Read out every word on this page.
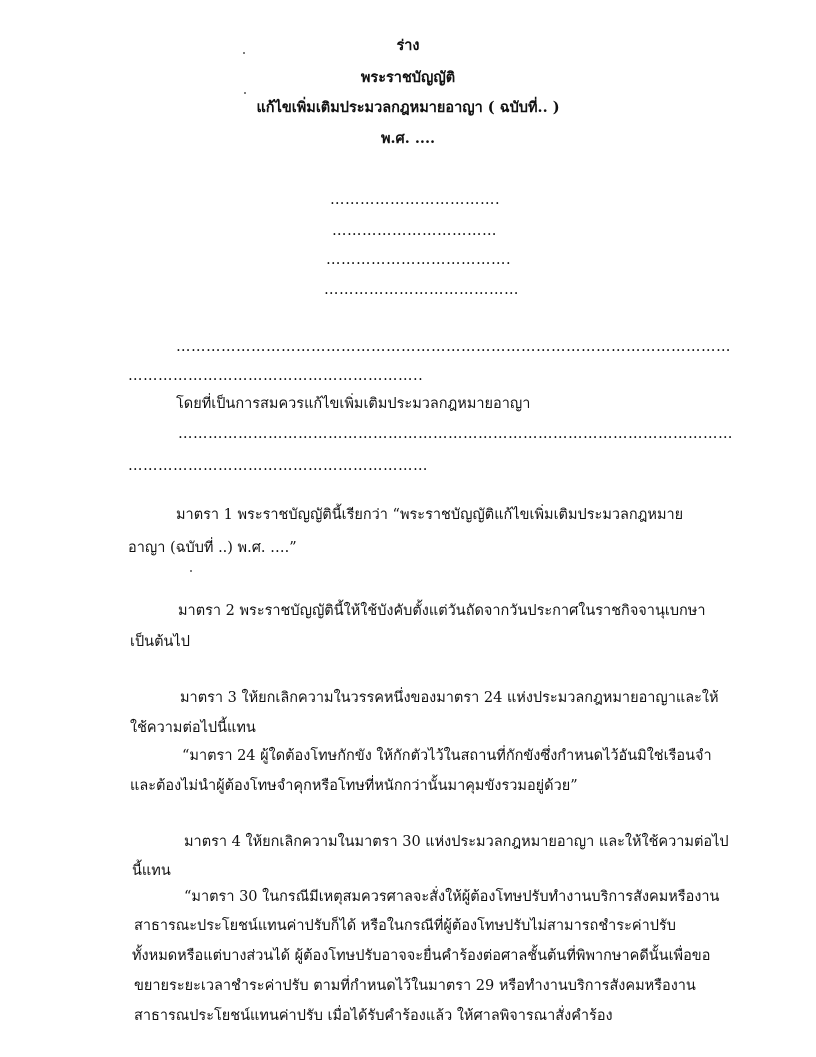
ร่าง
พระราชบัญญัติ
แก้ไขเพิ่มเติมประมวลกฎหมายอาญา ( ฉบับที่.. )
พ.ศ. ....
…………………………….
……………………………
……………………………….
…………………………………
…………………………………………………………………………………………………
…………………………………………………..
โดยที่เป็นการสมควรแก้ไขเพิ่มเติมประมวลกฎหมายอาญา
…………………………………………………………………………………………………
……………………………………………………
มาตรา 1 พระราชบัญญัตินี้เรียกว่า “พระราชบัญญัติแก้ไขเพิ่มเติมประมวลกฎหมาย
อาญา (ฉบับที่ ..) พ.ศ. ….”
มาตรา 2 พระราชบัญญัตินี้ให้ใช้บังคับตั้งแต่วันถัดจากวันประกาศในราชกิจจานุเบกษา
เป็นต้นไป
มาตรา 3 ให้ยกเลิกความในวรรคหนึ่งของมาตรา 24 แห่งประมวลกฎหมายอาญาและให้
ใช้ความต่อไปนี้แทน
“มาตรา 24 ผู้ใดต้องโทษกักขัง ให้กักตัวไว้ในสถานที่กักขังซึ่งกำหนดไว้อันมิใช่เรือนจำ
และต้องไม่นำผู้ต้องโทษจำคุกหรือโทษที่หนักกว่านั้นมาคุมขังรวมอยู่ด้วย”
มาตรา 4 ให้ยกเลิกความในมาตรา 30 แห่งประมวลกฎหมายอาญา และให้ใช้ความต่อไป
นี้แทน
“มาตรา 30 ในกรณีมีเหตุสมควรศาลจะสั่งให้ผู้ต้องโทษปรับทำงานบริการสังคมหรืองาน
สาธารณะประโยชน์แทนค่าปรับก็ได้ หรือในกรณีที่ผู้ต้องโทษปรับไม่สามารถชำระค่าปรับ
ทั้งหมดหรือแต่บางส่วนได้ ผู้ต้องโทษปรับอาจจะยื่นคำร้องต่อศาลชั้นต้นที่พิพากษาคดีนั้นเพื่อขอ
ขยายระยะเวลาชำระค่าปรับ ตามที่กำหนดไว้ในมาตรา 29 หรือทำงานบริการสังคมหรืองาน
สาธารณประโยชน์แทนค่าปรับ เมื่อได้รับคำร้องแล้ว ให้ศาลพิจารณาสั่งคำร้อง
